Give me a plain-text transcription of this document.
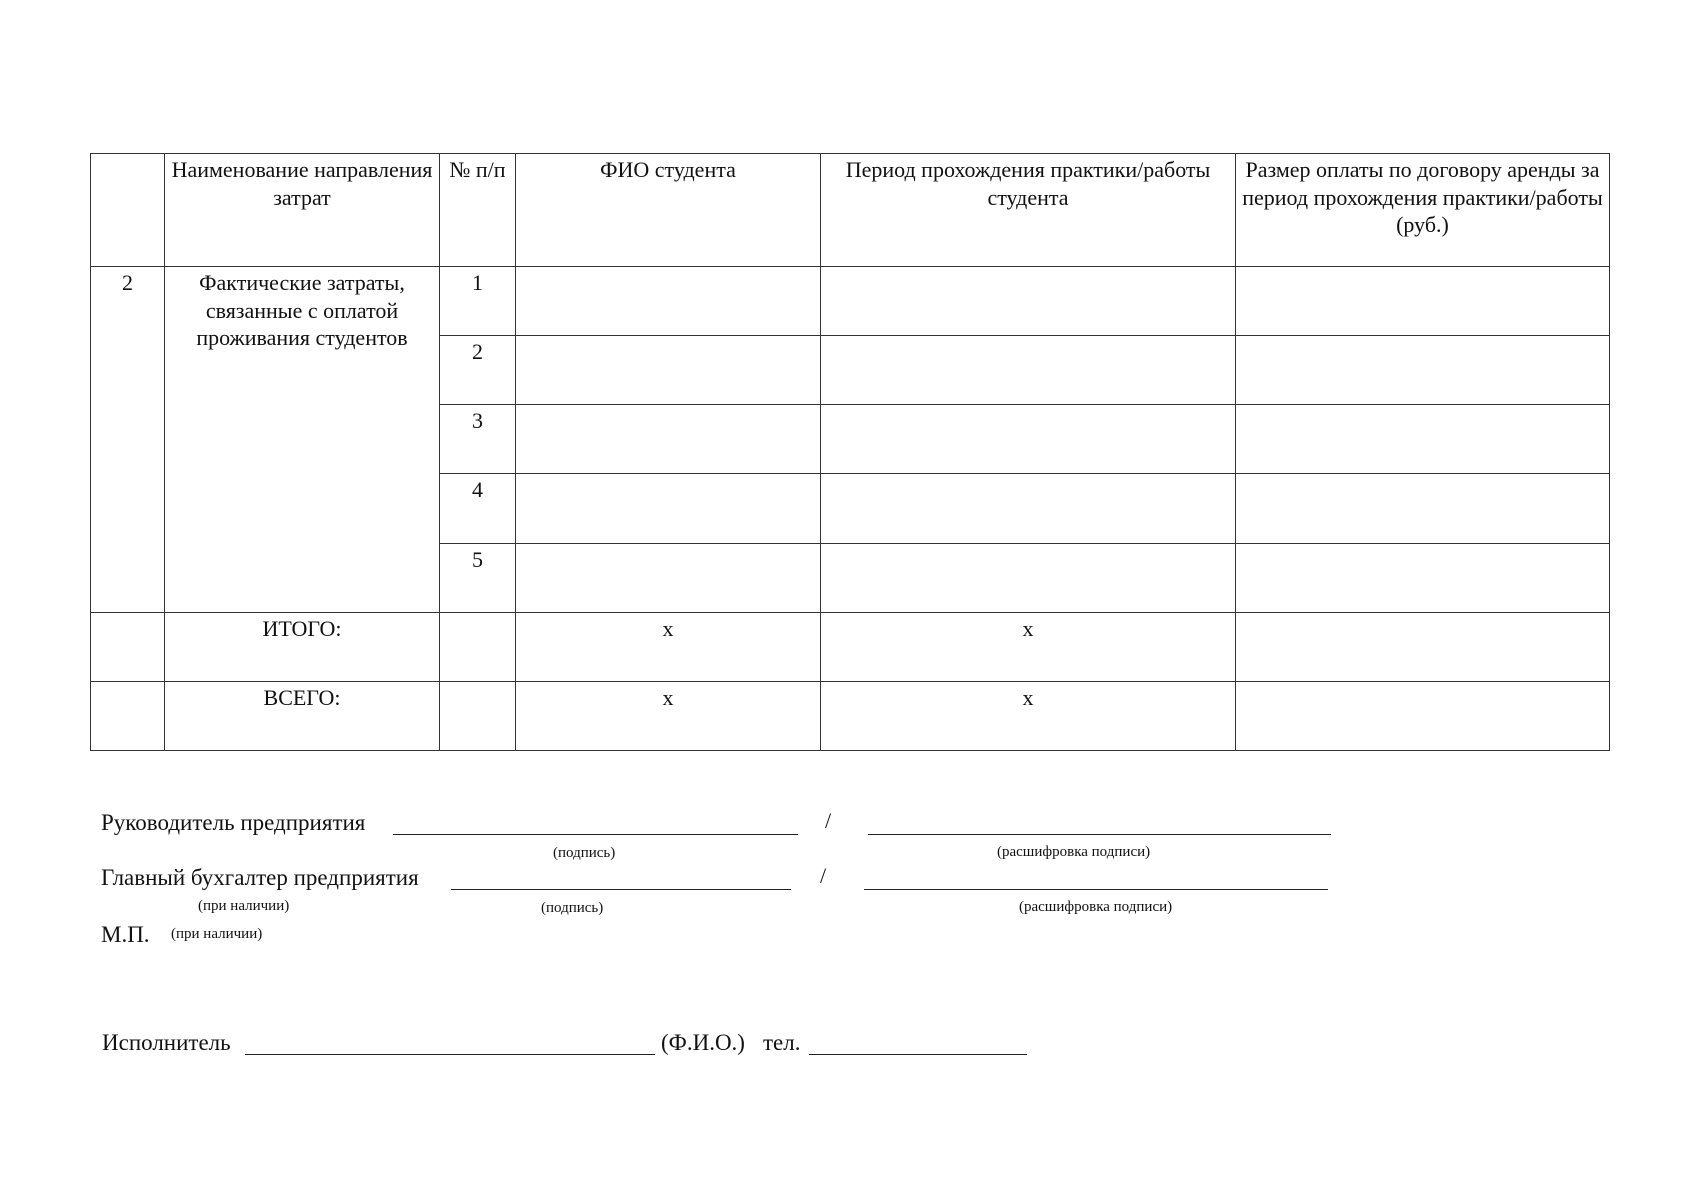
	Наименование направления затрат	№ п/п	ФИО студента	Период прохождения практики/работы студента	Размер оплаты по договору аренды за период прохождения практики/работы
(руб.)
2	Фактические затраты, связанные с оплатой проживания студентов	1			
		2			
		3			
		4			
		5			
	ИТОГО:		х	х	
	ВСЕГО:		х	х	
Руководитель предприятия	/
(подпись)	(расшифровка подписи)
Главный бухгалтер предприятия	/
(при наличии)	(подпись)	(расшифровка подписи)
М.П. (при наличии)
Исполнитель	(Ф.И.О.) тел.
